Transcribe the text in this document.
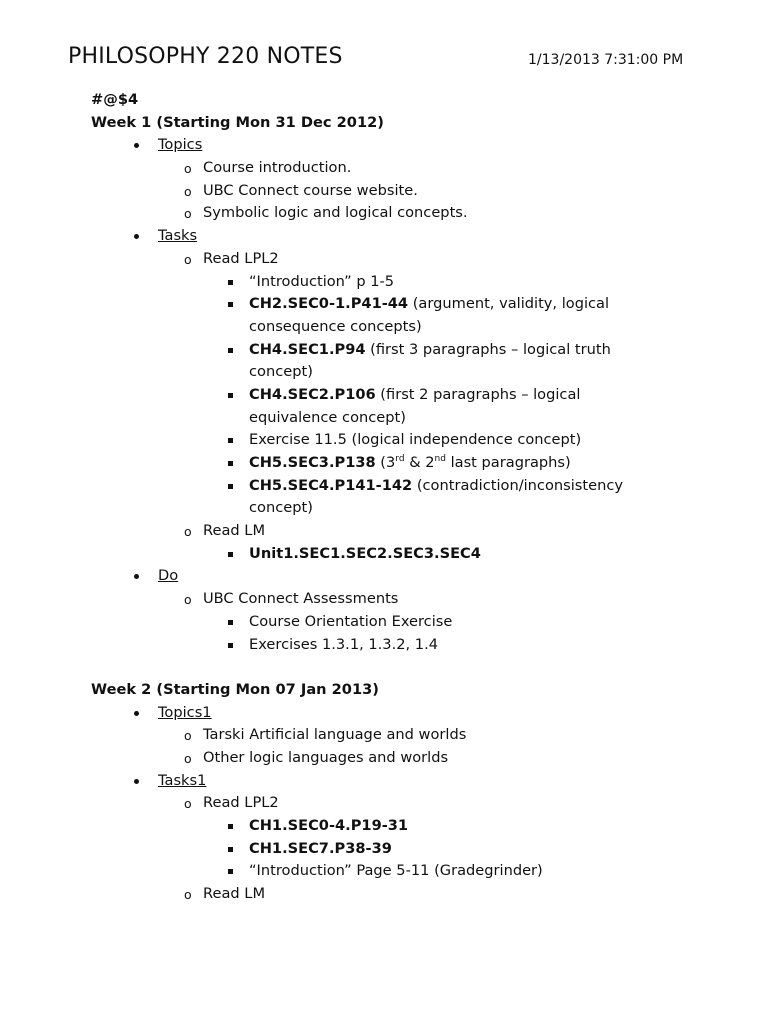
PHILOSOPHY 220 NOTES	1/13/2013 7:31:00 PM
#@$4
Week 1 (Starting Mon 31 Dec 2012)
Topics
o Course introduction.
o UBC Connect course website.
o Symbolic logic and logical concepts.
Tasks
o Read LPL2
“Introduction” p 1-5
CH2.SEC0-1.P41-44 (argument, validity, logical
consequence concepts)
CH4.SEC1.P94 (first 3 paragraphs – logical truth
concept)
CH4.SEC2.P106 (first 2 paragraphs – logical
equivalence concept)
Exercise 11.5 (logical independence concept)
CH5.SEC3.P138 (3rd & 2nd last paragraphs)
CH5.SEC4.P141-142 (contradiction/inconsistency
concept)
o Read LM
Unit1.SEC1.SEC2.SEC3.SEC4
Do
o UBC Connect Assessments
Course Orientation Exercise
Exercises 1.3.1, 1.3.2, 1.4
Week 2 (Starting Mon 07 Jan 2013)
Topics1
o Tarski Artificial language and worlds
o Other logic languages and worlds
Tasks1
o Read LPL2
CH1.SEC0-4.P19-31
CH1.SEC7.P38-39
“Introduction” Page 5-11 (Gradegrinder)
o Read LM
